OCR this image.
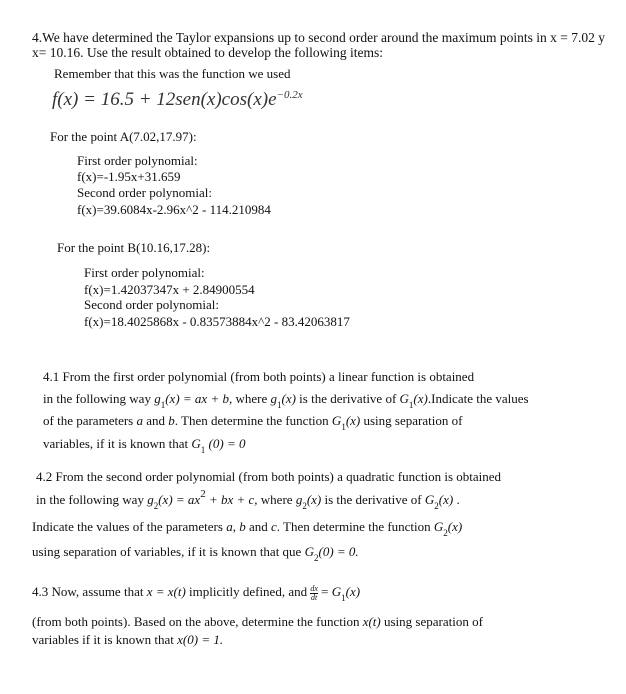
4.We have determined the Taylor expansions up to second order around the maximum points in x = 7.02 y
x= 10.16. Use the result obtained to develop the following items:
Remember that this was the function we used
$f(x) = 16.5 + 12sen(x)\cos(x)e^{-0.2x}$
For the point A(7.02,17.97):
First order polynomial:
f(x)=-1.95x+31.659
Second order polynomial:
f(x)=39.6084x-2.96x^2 - 114.210984
For the point B(10.16,17.28):
First order polynomial:
f(x)=1.42037347x + 2.84900554
Second order polynomial:
f(x)=18.4025868x - 0.83573884x^2 - 83.42063817
4.1 From the first order polynomial (from both points) a linear function is obtained
in the following way $g_1(x)$ = ax + b, where $g_1(x)$ is the derivative of $G_1(x).Indicate$ the values
of the parameters a and b. Then determine the function $G_1(x)$ using separation of
variables, if it is known that $G_1$ (0) = 0
4.2 From the second order polynomial (from both points) a quadratic function is obtained
in the following way $g_2(x) = ax^2$ + bx + c, where $g_2(x)$ is the derivative of $G_2(x)$ .
Indicate the values of the parameters a, b and c. Then determine the function $G_2(x)$
using separation of variables, if it is known that que $G_2(0) = 0$.
4.3 Now, assume that x = x(t) implicitly defined, and $\frac{dx}{dt} = G_1(x)$
(from both points). Based on the above, determine the function x(t) using separation of
variables if it is known that x(0) = 1.
